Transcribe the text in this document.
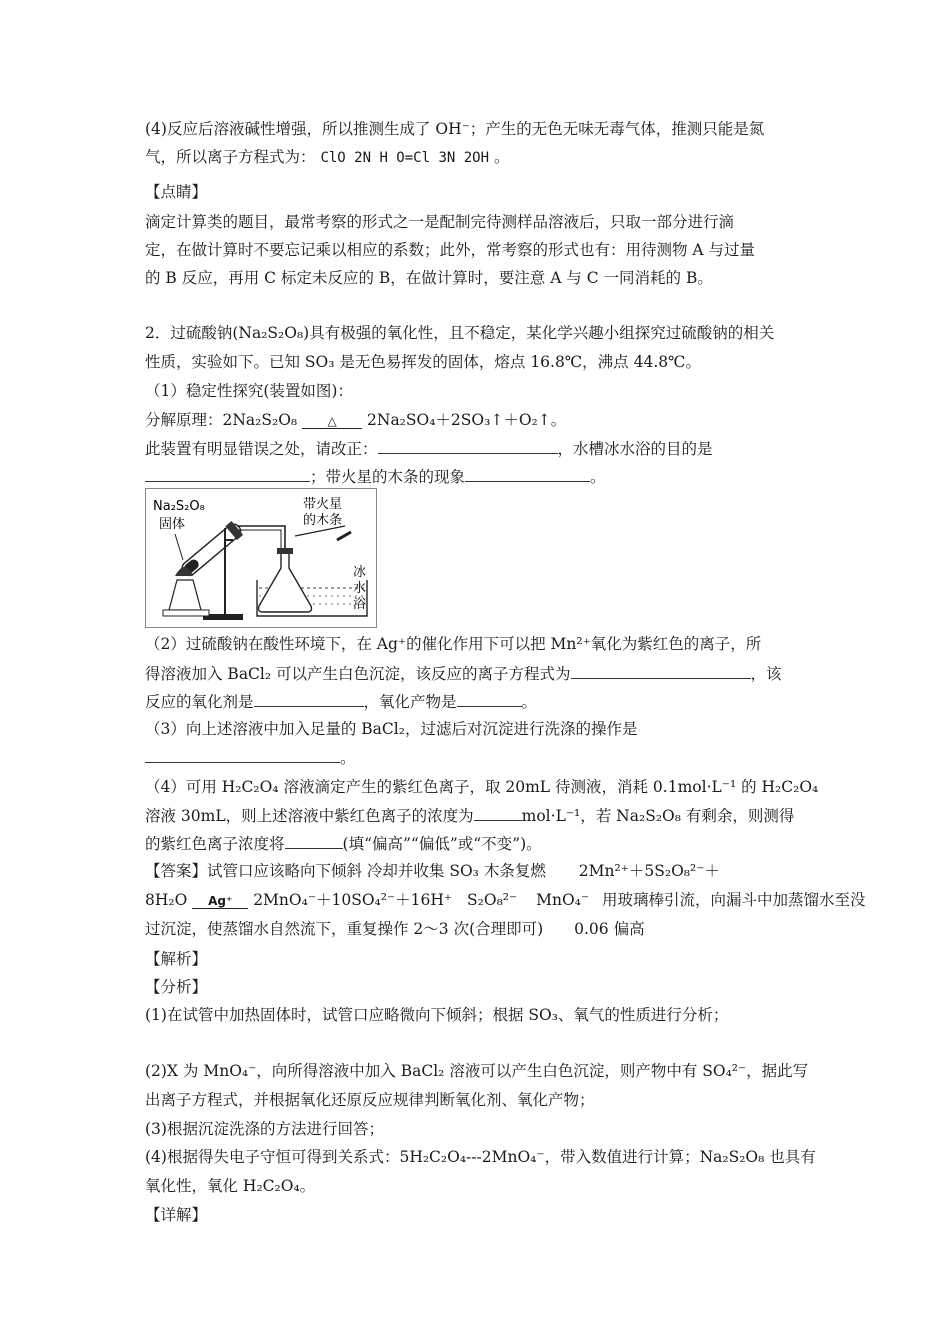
(4)反应后溶液碱性增强，所以推测生成了 OH⁻；产生的无色无味无毒气体，推测只能是氮
气，所以离子方程式为： ClO 2N H O=Cl 3N 2OH 。
【点睛】
滴定计算类的题目，最常考察的形式之一是配制完待测样品溶液后，只取一部分进行滴
定，在做计算时不要忘记乘以相应的系数；此外，常考察的形式也有：用待测物 A 与过量
的 B 反应，再用 C 标定未反应的 B，在做计算时，要注意 A 与 C 一同消耗的 B。
2．过硫酸钠(Na₂S₂O₈)具有极强的氧化性，且不稳定，某化学兴趣小组探究过硫酸钠的相关
性质，实验如下。已知 SO₃ 是无色易挥发的固体，熔点 16.8℃，沸点 44.8℃。
（1）稳定性探究(装置如图)：
分解原理：2Na₂S₂O₈	△	2Na₂SO₄＋2SO₃↑＋O₂↑。
此装置有明显错误之处，请改正：	，水槽冰水浴的目的是
；带火星的木条的现象	。
Na₂S₂O₈
固体
带火星
的木条
冰
水
浴
（2）过硫酸钠在酸性环境下，在 Ag⁺的催化作用下可以把 Mn²⁺氧化为紫红色的离子，所
得溶液加入 BaCl₂ 可以产生白色沉淀，该反应的离子方程式为	，该
反应的氧化剂是	，氧化产物是	。
（3）向上述溶液中加入足量的 BaCl₂，过滤后对沉淀进行洗涤的操作是
。
（4）可用 H₂C₂O₄ 溶液滴定产生的紫红色离子，取 20mL 待测液，消耗 0.1mol·L⁻¹ 的 H₂C₂O₄
溶液 30mL，则上述溶液中紫红色离子的浓度为	mol·L⁻¹，若 Na₂S₂O₈ 有剩余，则测得
的紫红色离子浓度将	(填“偏高”“偏低”或“不变”)。
【答案】试管口应该略向下倾斜 冷却并收集 SO₃ 木条复燃 2Mn²⁺＋5S₂O₈²⁻＋
8H₂O	Ag⁺	2MnO₄⁻＋10SO₄²⁻＋16H⁺ S₂O₈²⁻ MnO₄⁻ 用玻璃棒引流，向漏斗中加蒸馏水至没
过沉淀，使蒸馏水自然流下，重复操作 2～3 次(合理即可) 0.06 偏高
【解析】
【分析】
(1)在试管中加热固体时，试管口应略微向下倾斜；根据 SO₃、氧气的性质进行分析；
(2)X 为 MnO₄⁻，向所得溶液中加入 BaCl₂ 溶液可以产生白色沉淀，则产物中有 SO₄²⁻，据此写
出离子方程式，并根据氧化还原反应规律判断氧化剂、氧化产物；
(3)根据沉淀洗涤的方法进行回答；
(4)根据得失电子守恒可得到关系式：5H₂C₂O₄---2MnO₄⁻，带入数值进行计算；Na₂S₂O₈ 也具有
氧化性，氧化 H₂C₂O₄。
【详解】
